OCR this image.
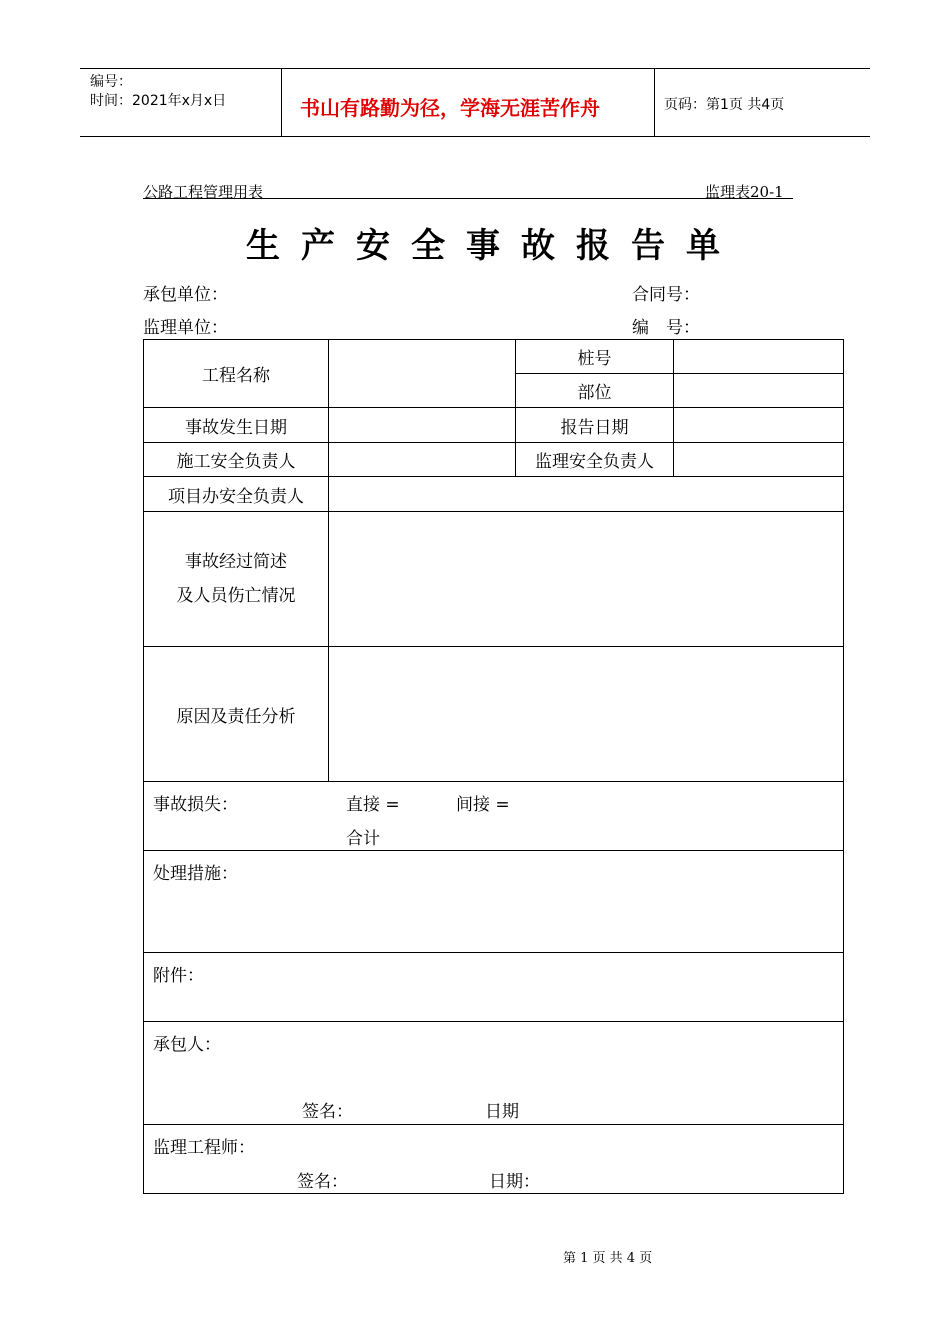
编号：
时间：2021年x月x日	书山有路勤为径，学海无涯苦作舟	页码：第1页 共4页
公路工程管理用表	监理表20-1
生产安全事故报告单
承包单位：	合同号：
监理单位：	编　号：
工程名称		桩号	
		部位	
事故发生日期		报告日期	
施工安全负责人		监理安全负责人	
项目办安全负责人			

事故经过简述
及人员伤亡情况			

原因及责任分析			

事故损失： 直接 = 间接 =
合计			

处理措施：			

附件：			

承包人：
签名： 日期			

监理工程师：
签名： 日期：			
第 1 页 共 4 页
